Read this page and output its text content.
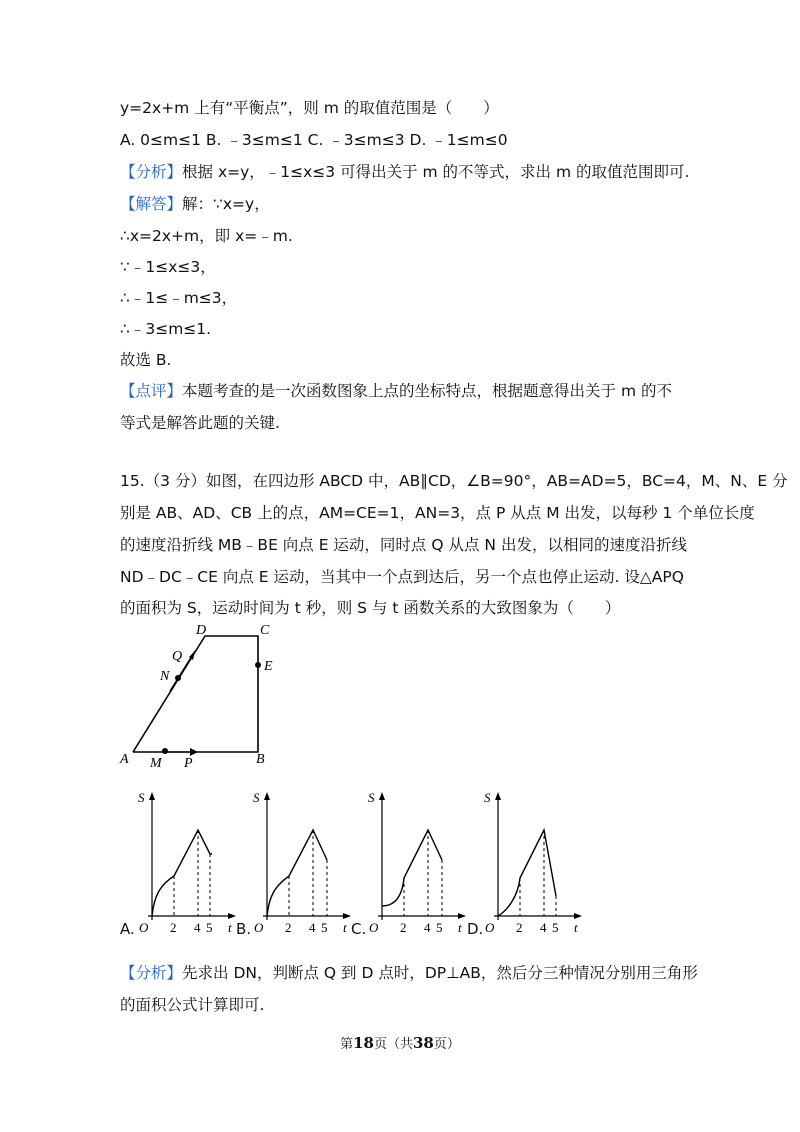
y=2x+m 上有“平衡点”，则 m 的取值范围是（　　）
A. 0≤m≤1 B. ﹣3≤m≤1 C. ﹣3≤m≤3 D. ﹣1≤m≤0
【分析】根据 x=y，﹣1≤x≤3 可得出关于 m 的不等式，求出 m 的取值范围即可.
【解答】解：∵x=y，
∴x=2x+m，即 x=﹣m.
∵﹣1≤x≤3，
∴﹣1≤﹣m≤3，
∴﹣3≤m≤1.
故选 B.
【点评】本题考查的是一次函数图象上点的坐标特点，根据题意得出关于 m 的不
等式是解答此题的关键.
15.（3 分）如图，在四边形 ABCD 中，AB∥CD，∠B=90°，AB=AD=5，BC=4，M、N、E 分
别是 AB、AD、CB 上的点，AM=CE=1，AN=3，点 P 从点 M 出发，以每秒 1 个单位长度
的速度沿折线 MB﹣BE 向点 E 运动，同时点 Q 从点 N 出发，以相同的速度沿折线
ND﹣DC﹣CE 向点 E 运动，当其中一个点到达后，另一个点也停止运动. 设△APQ
的面积为 S，运动时间为 t 秒，则 S 与 t 函数关系的大致图象为（　　）
A	B
C
D
E
M
N
P
Q
S
O 2 4 5 t
S
O 2 4 5 t
S
O 2 4 5 t
S
O 2 4 5 t
A.	B.	C.	D.
【分析】先求出 DN，判断点 Q 到 D 点时，DP⊥AB，然后分三种情况分别用三角形
的面积公式计算即可.
第18页（共38页）
